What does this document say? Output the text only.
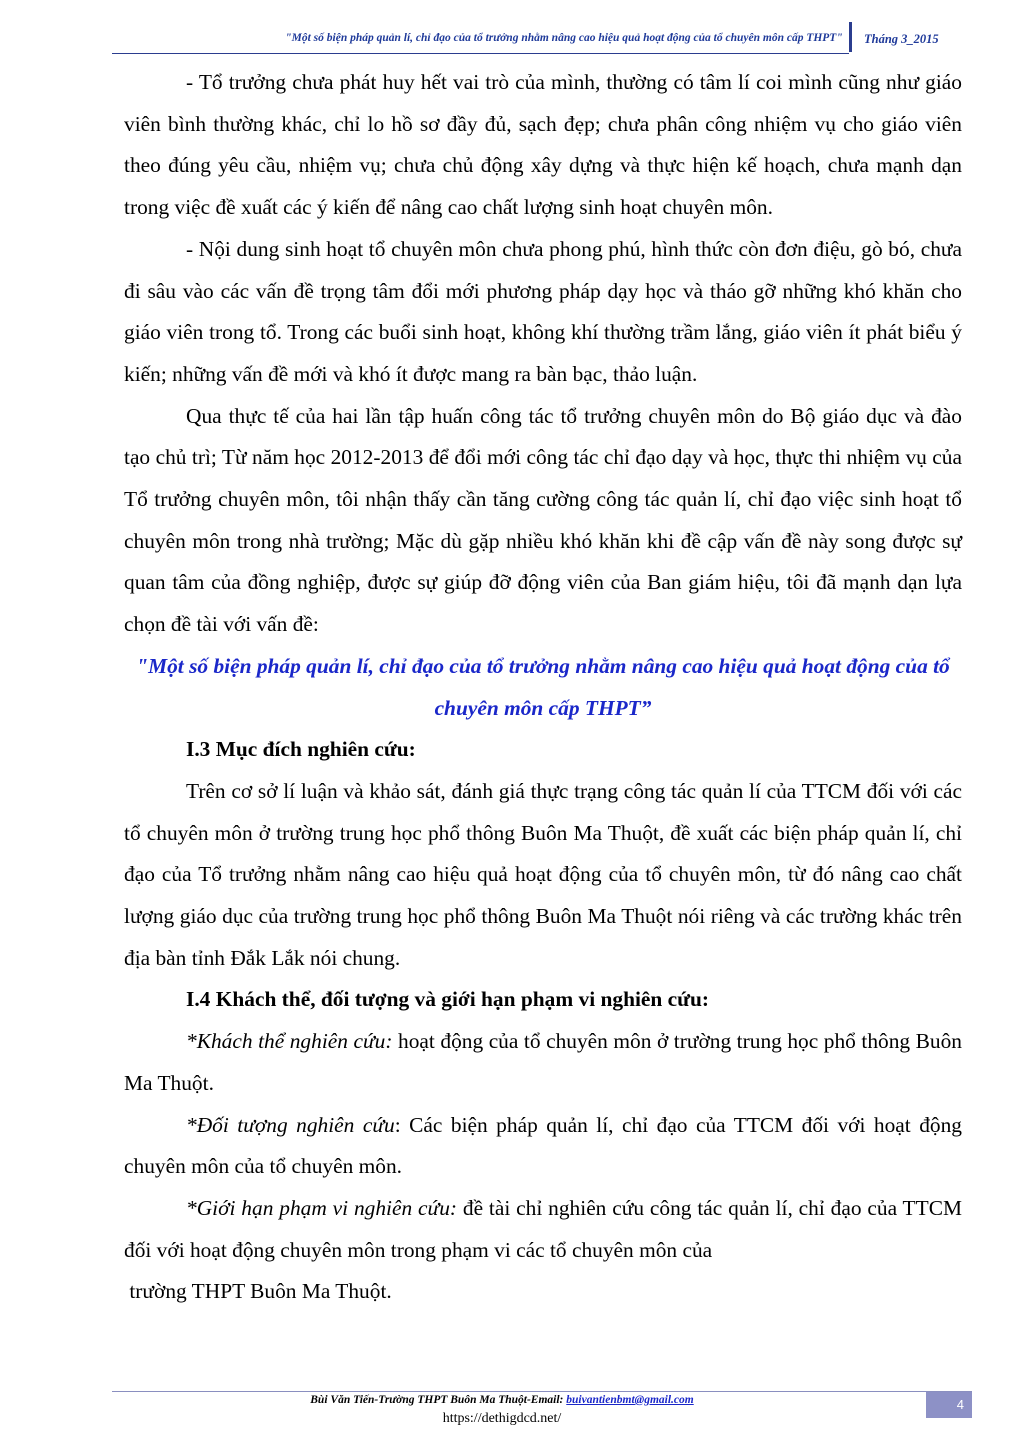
"Một số biện pháp quản lí, chỉ đạo của tổ trưởng nhằm nâng cao hiệu quả hoạt động của tổ chuyên môn cấp THPT"	Tháng 3_2015

- Tổ trưởng chưa phát huy hết vai trò của mình, thường có tâm lí coi mình cũng như giáo viên bình thường khác, chỉ lo hồ sơ đầy đủ, sạch đẹp; chưa phân công nhiệm vụ cho giáo viên theo đúng yêu cầu, nhiệm vụ; chưa chủ động xây dựng và thực hiện kế hoạch, chưa mạnh dạn trong việc đề xuất các ý kiến để nâng cao chất lượng sinh hoạt chuyên môn.

- Nội dung sinh hoạt tổ chuyên môn chưa phong phú, hình thức còn đơn điệu, gò bó, chưa đi sâu vào các vấn đề trọng tâm đổi mới phương pháp dạy học và tháo gỡ những khó khăn cho giáo viên trong tổ. Trong các buổi sinh hoạt, không khí thường trầm lắng, giáo viên ít phát biểu ý kiến; những vấn đề mới và khó ít được mang ra bàn bạc, thảo luận.

Qua thực tế của hai lần tập huấn công tác tổ trưởng chuyên môn do Bộ giáo dục và đào tạo chủ trì; Từ năm học 2012-2013 để đổi mới công tác chỉ đạo dạy và học, thực thi nhiệm vụ của Tổ trưởng chuyên môn, tôi nhận thấy cần tăng cường công tác quản lí, chỉ đạo việc sinh hoạt tổ chuyên môn trong nhà trường; Mặc dù gặp nhiều khó khăn khi đề cập vấn đề này song được sự quan tâm của đồng nghiệp, được sự giúp đỡ động viên của Ban giám hiệu, tôi đã mạnh dạn lựa chọn đề tài với vấn đề:

"Một số biện pháp quản lí, chỉ đạo của tổ trưởng nhằm nâng cao hiệu quả hoạt động của tổ chuyên môn cấp THPT”

I.3 Mục đích nghiên cứu:

Trên cơ sở lí luận và khảo sát, đánh giá thực trạng công tác quản lí của TTCM đối với các tổ chuyên môn ở trường trung học phổ thông Buôn Ma Thuột, đề xuất các biện pháp quản lí, chỉ đạo của Tổ trưởng nhằm nâng cao hiệu quả hoạt động của tổ chuyên môn, từ đó nâng cao chất lượng giáo dục của trường trung học phổ thông Buôn Ma Thuột nói riêng và các trường khác trên địa bàn tỉnh Đắk Lắk nói chung.

I.4 Khách thể, đối tượng và giới hạn phạm vi nghiên cứu:

*Khách thể nghiên cứu: hoạt động của tổ chuyên môn ở trường trung học phổ thông Buôn Ma Thuột.

*Đối tượng nghiên cứu: Các biện pháp quản lí, chỉ đạo của TTCM đối với hoạt động chuyên môn của tổ chuyên môn.

*Giới hạn phạm vi nghiên cứu: đề tài chỉ nghiên cứu công tác quản lí, chỉ đạo của TTCM đối với hoạt động chuyên môn trong phạm vi các tổ chuyên môn của

trường THPT Buôn Ma Thuột.

Bùi Văn Tiến-Trường THPT Buôn Ma Thuột-Email: buivantienbmt@gmail.com	4
https://dethigdcd.net/
